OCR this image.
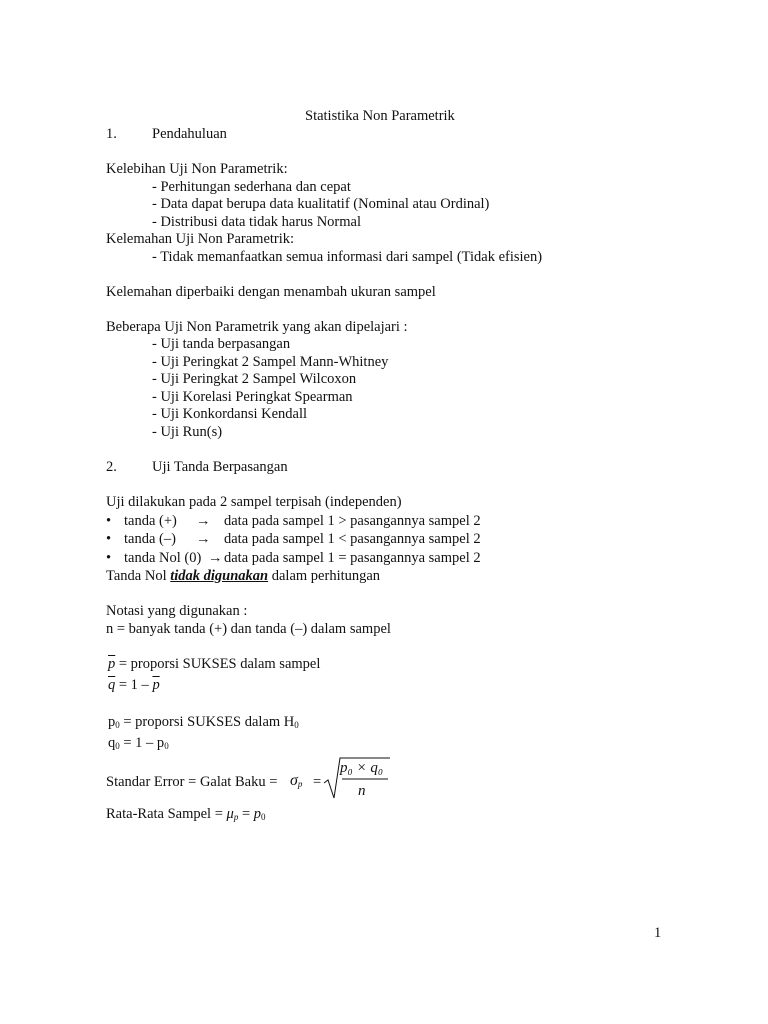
Statistika Non Parametrik
1. Pendahuluan
Kelebihan Uji Non Parametrik:
- Perhitungan sederhana dan cepat
- Data dapat berupa data kualitatif (Nominal atau Ordinal)
- Distribusi data tidak harus Normal
Kelemahan Uji Non Parametrik:
- Tidak memanfaatkan semua informasi dari sampel (Tidak efisien)
Kelemahan diperbaiki dengan menambah ukuran sampel
Beberapa Uji Non Parametrik yang akan dipelajari :
- Uji tanda berpasangan
- Uji Peringkat 2 Sampel Mann-Whitney
- Uji Peringkat 2 Sampel Wilcoxon
- Uji Korelasi Peringkat Spearman
- Uji Konkordansi Kendall
- Uji Run(s)
2. Uji Tanda Berpasangan
Uji dilakukan pada 2 sampel terpisah (independen)
• tanda (+) → data pada sampel 1 > pasangannya sampel 2
• tanda (–) → data pada sampel 1 < pasangannya sampel 2
• tanda Nol (0) → data pada sampel 1 = pasangannya sampel 2
Tanda Nol tidak digunakan dalam perhitungan
Notasi yang digunakan :
n = banyak tanda (+) dan tanda (–) dalam sampel
$\overline{p}$ = proporsi SUKSES dalam sampel
$\overline{q} = 1 - \overline{p}$
$p_0$ = proporsi SUKSES dalam $H_0$
$q_0 = 1 - p_0$
Standar Error = Galat Baku = $\sigma_p$ =
p₀ × q₀
n
Rata-Rata Sampel = $\mu_p = p_0$
1
